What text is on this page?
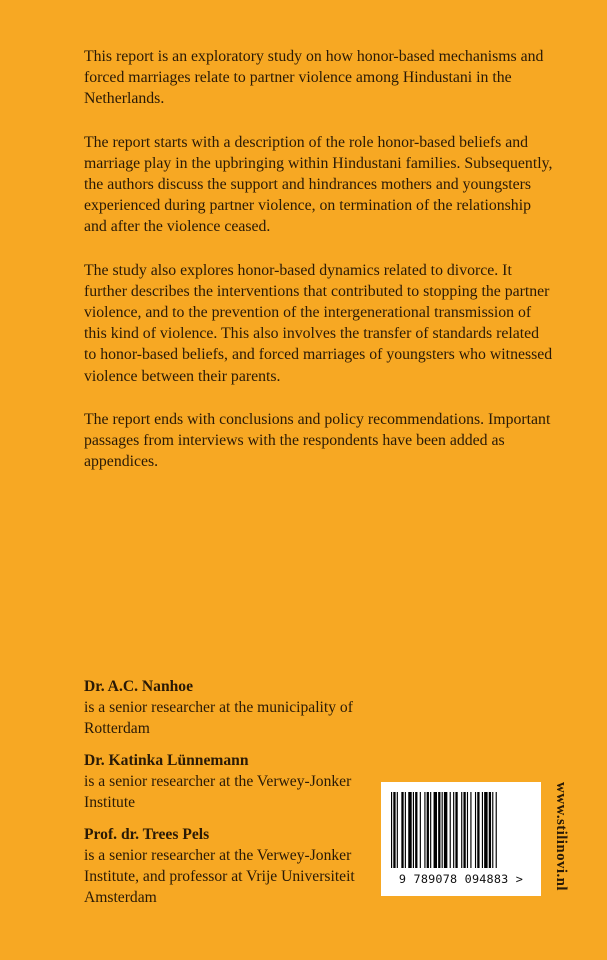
This report is an exploratory study on how honor-based mechanisms and forced marriages relate to partner violence among Hindustani in the Netherlands.

The report starts with a description of the role honor-based beliefs and marriage play in the upbringing within Hindustani families. Subsequently, the authors discuss the support and hindrances mothers and youngsters experienced during partner violence, on termination of the relationship and after the violence ceased.

The study also explores honor-based dynamics related to divorce. It further describes the interventions that contributed to stopping the partner violence, and to the prevention of the intergenerational transmission of this kind of violence. This also involves the transfer of standards related to honor-based beliefs, and forced marriages of youngsters who witnessed violence between their parents.

The report ends with conclusions and policy recommendations. Important passages from interviews with the respondents have been added as appendices.

Dr. A.C. Nanhoe
is a senior researcher at the municipality of Rotterdam
Dr. Katinka Lünnemann
is a senior researcher at the Verwey-Jonker Institute
Prof. dr. Trees Pels
is a senior researcher at the Verwey-Jonker Institute, and professor at Vrije Universiteit Amsterdam
9 789078 094883 >	www.stilinovi.nl
